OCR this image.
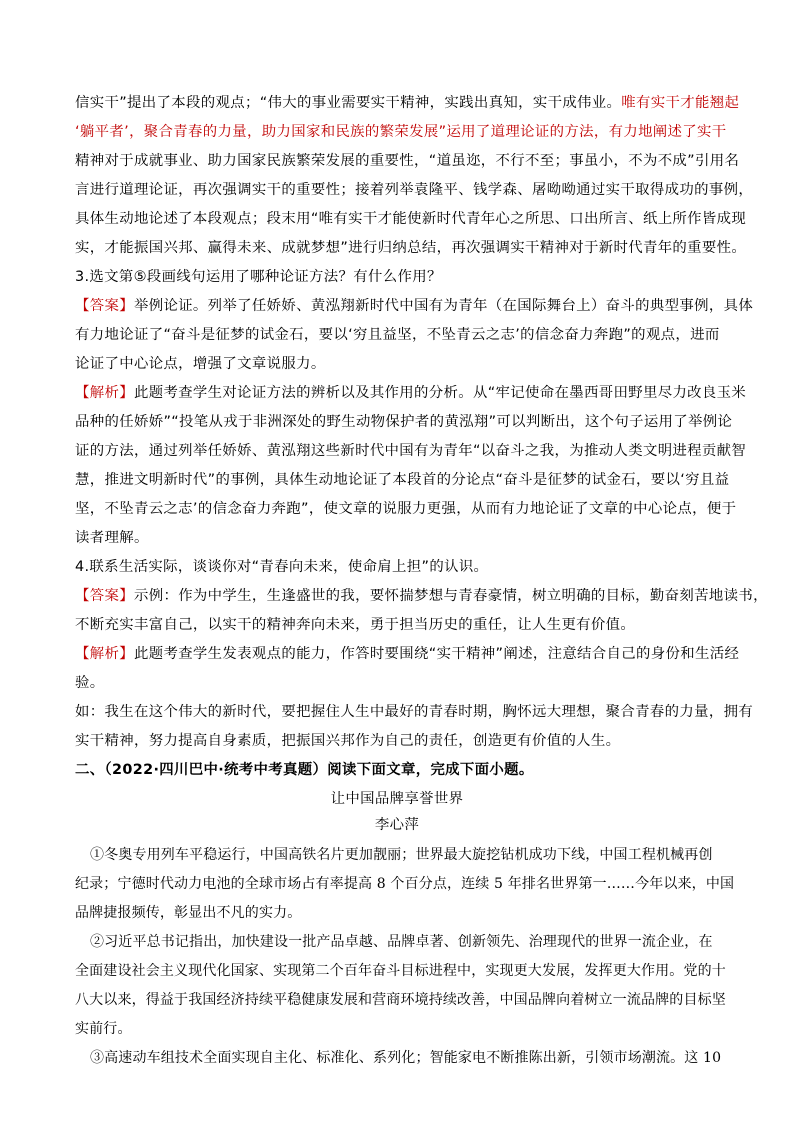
信实干”提出了本段的观点；“伟大的事业需要实干精神，实践出真知，实干成伟业。唯有实干才能翘起
‘躺平者’，聚合青春的力量，助力国家和民族的繁荣发展”运用了道理论证的方法，有力地阐述了实干
精神对于成就事业、助力国家民族繁荣发展的重要性，“道虽迩，不行不至；事虽小，不为不成”引用名
言进行道理论证，再次强调实干的重要性；接着列举袁隆平、钱学森、屠呦呦通过实干取得成功的事例，
具体生动地论述了本段观点；段末用“唯有实干才能使新时代青年心之所思、口出所言、纸上所作皆成现
实，才能振国兴邦、赢得未来、成就梦想”进行归纳总结，再次强调实干精神对于新时代青年的重要性。
3.选文第⑤段画线句运用了哪种论证方法？有什么作用？
【答案】举例论证。列举了任娇娇、黄泓翔新时代中国有为青年（在国际舞台上）奋斗的典型事例，具体
有力地论证了“奋斗是征梦的试金石，要以‘穷且益坚，不坠青云之志’的信念奋力奔跑”的观点，进而
论证了中心论点，增强了文章说服力。
【解析】此题考查学生对论证方法的辨析以及其作用的分析。从“牢记使命在墨西哥田野里尽力改良玉米
品种的任娇娇”“投笔从戎于非洲深处的野生动物保护者的黄泓翔”可以判断出，这个句子运用了举例论
证的方法，通过列举任娇娇、黄泓翔这些新时代中国有为青年“以奋斗之我，为推动人类文明进程贡献智
慧，推进文明新时代”的事例，具体生动地论证了本段首的分论点“奋斗是征梦的试金石，要以‘穷且益
坚，不坠青云之志’的信念奋力奔跑”，使文章的说服力更强，从而有力地论证了文章的中心论点，便于
读者理解。
4.联系生活实际，谈谈你对“青春向未来，使命肩上担”的认识。
【答案】示例：作为中学生，生逢盛世的我，要怀揣梦想与青春豪情，树立明确的目标，勤奋刻苦地读书，
不断充实丰富自己，以实干的精神奔向未来，勇于担当历史的重任，让人生更有价值。
【解析】此题考查学生发表观点的能力，作答时要围绕“实干精神”阐述，注意结合自己的身份和生活经
验。
如：我生在这个伟大的新时代，要把握住人生中最好的青春时期，胸怀远大理想，聚合青春的力量，拥有
实干精神，努力提高自身素质，把振国兴邦作为自己的责任，创造更有价值的人生。
二、（2022·四川巴中·统考中考真题）阅读下面文章，完成下面小题。
让中国品牌享誉世界
李心萍
①冬奥专用列车平稳运行，中国高铁名片更加靓丽；世界最大旋挖钻机成功下线，中国工程机械再创
纪录；宁德时代动力电池的全球市场占有率提高 8 个百分点，连续 5 年排名世界第一……今年以来，中国
品牌捷报频传，彰显出不凡的实力。
②习近平总书记指出，加快建设一批产品卓越、品牌卓著、创新领先、治理现代的世界一流企业，在
全面建设社会主义现代化国家、实现第二个百年奋斗目标进程中，实现更大发展，发挥更大作用。党的十
八大以来，得益于我国经济持续平稳健康发展和营商环境持续改善，中国品牌向着树立一流品牌的目标坚
实前行。
③高速动车组技术全面实现自主化、标准化、系列化；智能家电不断推陈出新，引领市场潮流。这 10
